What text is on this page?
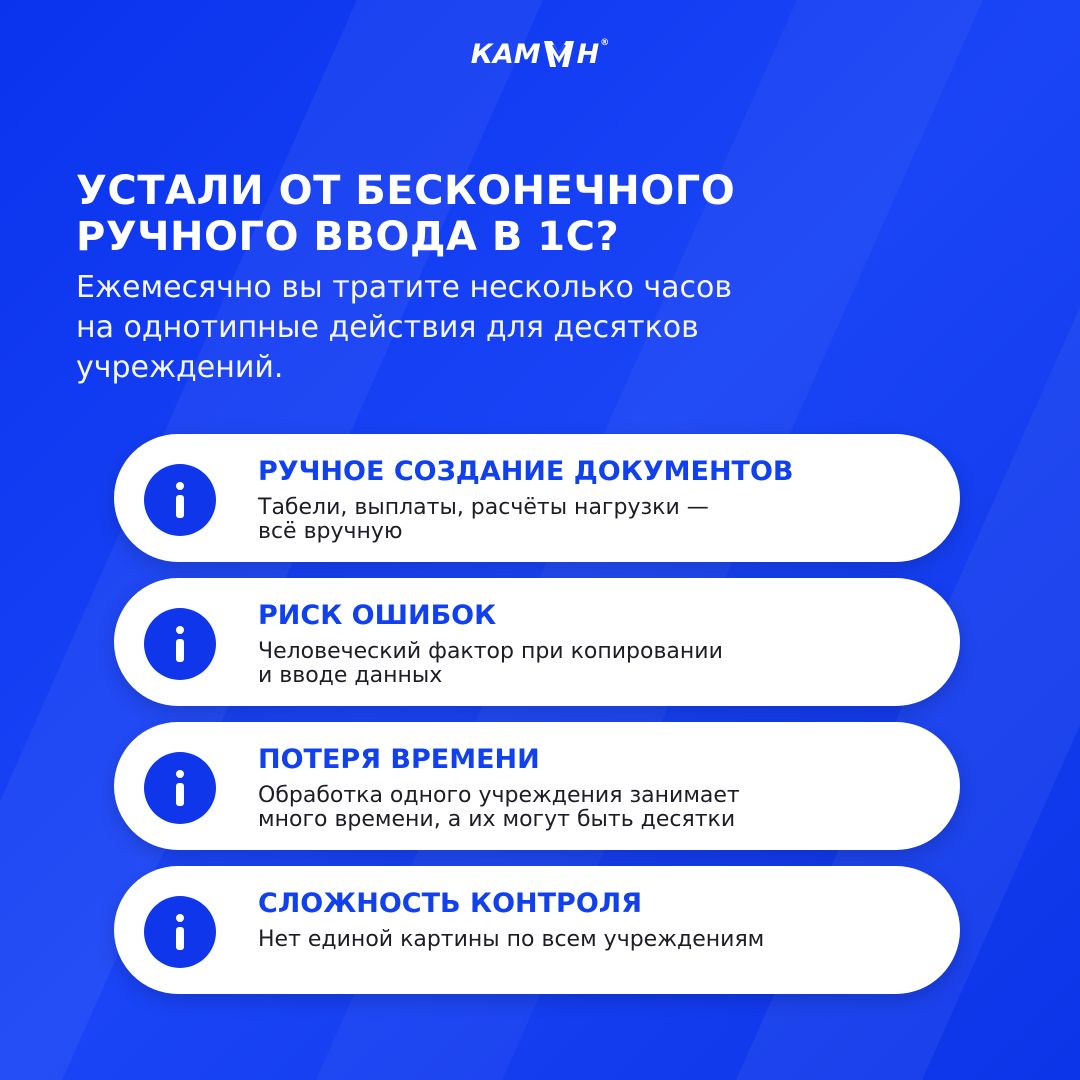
КАМ Н ®
УСТАЛИ ОТ БЕСКОНЕЧНОГО
РУЧНОГО ВВОДА В 1С?

Ежемесячно вы тратите несколько часов
на однотипные действия для десятков
учреждений.

РУЧНОЕ СОЗДАНИЕ ДОКУМЕНТОВ
Табели, выплаты, расчёты нагрузки —
всё вручную
РИСК ОШИБОК
Человеческий фактор при копировании
и вводе данных
ПОТЕРЯ ВРЕМЕНИ
Обработка одного учреждения занимает
много времени, а их могут быть десятки
СЛОЖНОСТЬ КОНТРОЛЯ
Нет единой картины по всем учреждениям
